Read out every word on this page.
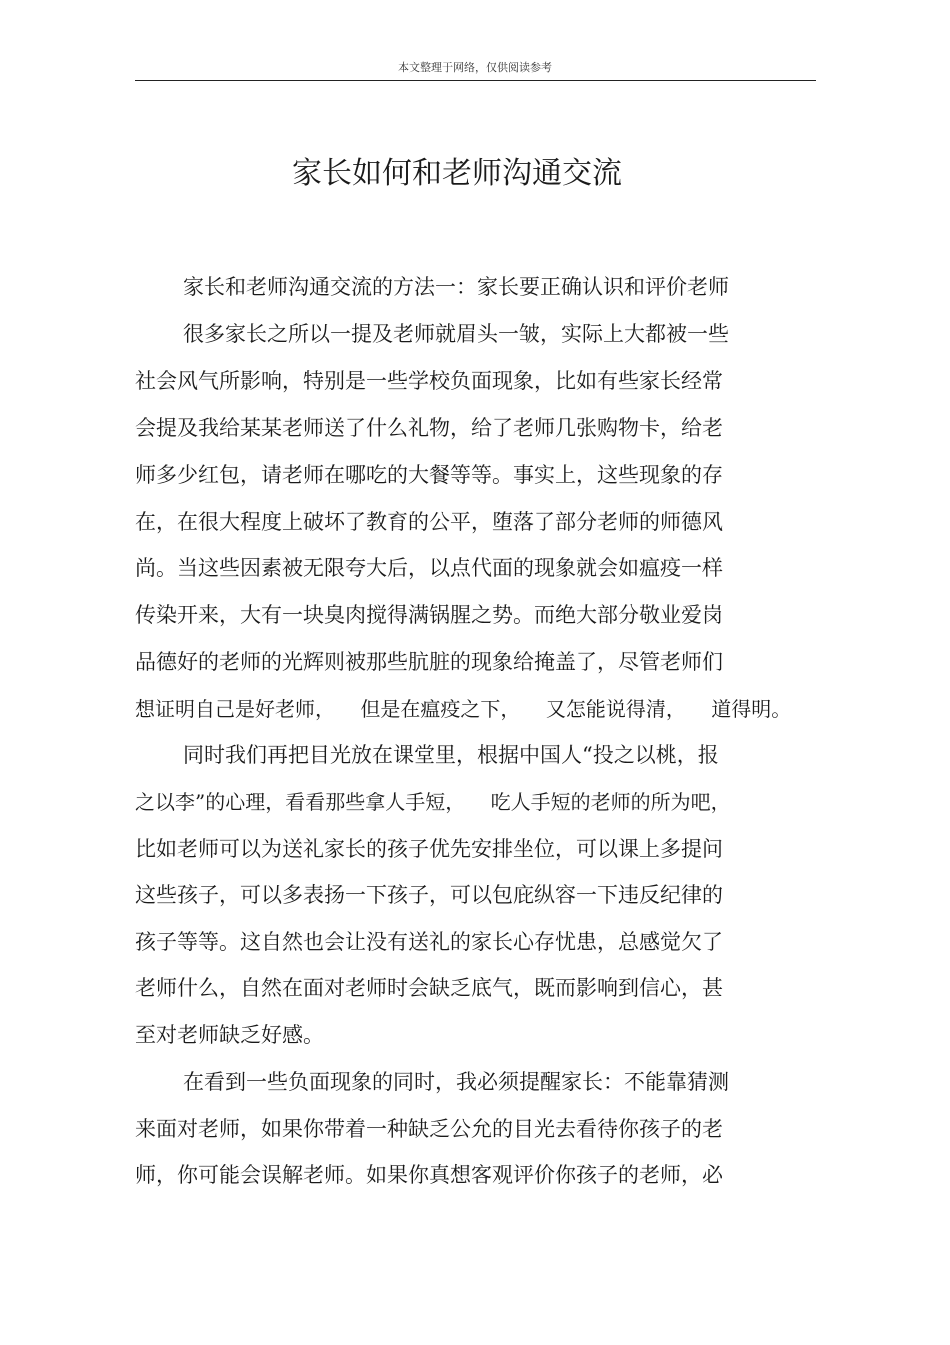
本文整理于网络，仅供阅读参考
家长如何和老师沟通交流

家长和老师沟通交流的方法一：家长要正确认识和评价老师

很多家长之所以一提及老师就眉头一皱，实际上大都被一些

社会风气所影响，特别是一些学校负面现象，比如有些家长经常

会提及我给某某老师送了什么礼物，给了老师几张购物卡，给老

师多少红包，请老师在哪吃的大餐等等。事实上，这些现象的存

在，在很大程度上破坏了教育的公平，堕落了部分老师的师德风

尚。当这些因素被无限夸大后，以点代面的现象就会如瘟疫一样

传染开来，大有一块臭肉搅得满锅腥之势。而绝大部分敬业爱岗

品德好的老师的光辉则被那些肮脏的现象给掩盖了，尽管老师们

想证明自己是好老师，    但是在瘟疫之下，    又怎能说得清，    道得明。

同时我们再把目光放在课堂里，根据中国人“投之以桃，报

之以李”的心理，看看那些拿人手短，    吃人手短的老师的所为吧，

比如老师可以为送礼家长的孩子优先安排坐位，可以课上多提问

这些孩子，可以多表扬一下孩子，可以包庇纵容一下违反纪律的

孩子等等。这自然也会让没有送礼的家长心存忧患，总感觉欠了

老师什么，自然在面对老师时会缺乏底气，既而影响到信心，甚

至对老师缺乏好感。

在看到一些负面现象的同时，我必须提醒家长：不能靠猜测

来面对老师，如果你带着一种缺乏公允的目光去看待你孩子的老

师，你可能会误解老师。如果你真想客观评价你孩子的老师，必
